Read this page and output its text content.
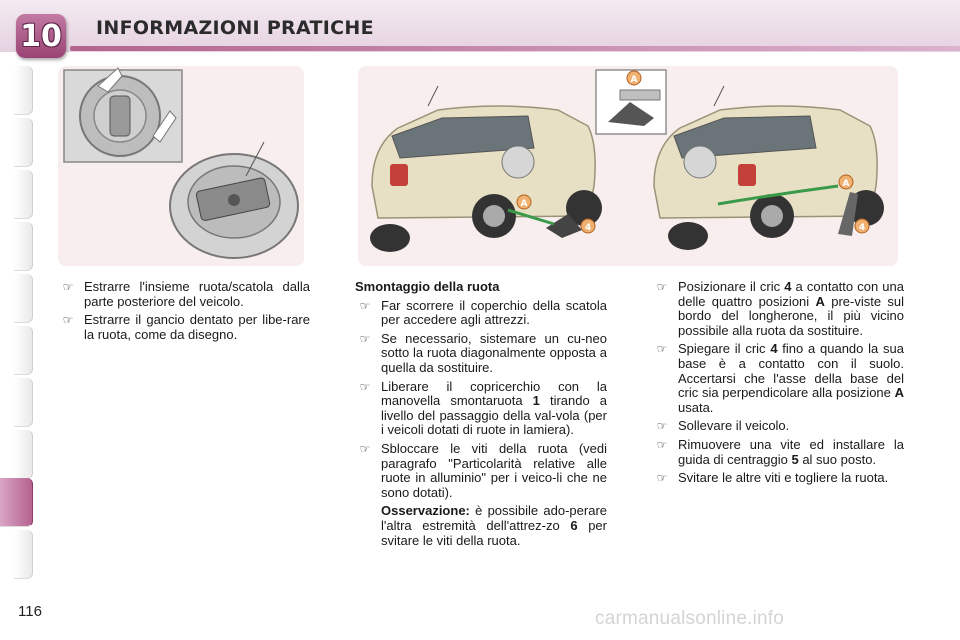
10 INFORMAZIONI PRATICHE
A
4
A
4
A

☞ Estrarre l'insieme ruota/scatola dalla parte posteriore del veicolo.

☞ Estrarre il gancio dentato per libe-rare la ruota, come da disegno.

Smontaggio della ruota

☞ Far scorrere il coperchio della scatola per accedere agli attrezzi.

☞ Se necessario, sistemare un cu-neo sotto la ruota diagonalmente opposta a quella da sostituire.

☞ Liberare il copricerchio con la manovella smontaruota 1 tirando a livello del passaggio della val-vola (per i veicoli dotati di ruote in lamiera).

☞ Sbloccare le viti della ruota (vedi paragrafo "Particolarità relative alle ruote in alluminio" per i veico-li che ne sono dotati).

Osservazione: è possibile ado-perare l'altra estremità dell'attrez-zo 6 per svitare le viti della ruota.

☞ Posizionare il cric 4 a contatto con una delle quattro posizioni A pre-viste sul bordo del longherone, il più vicino possibile alla ruota da sostituire.

☞ Spiegare il cric 4 fino a quando la sua base è a contatto con il suolo. Accertarsi che l'asse della base del cric sia perpendicolare alla posizione A usata.

☞ Sollevare il veicolo.

☞ Rimuovere una vite ed installare la guida di centraggio 5 al suo posto.

☞ Svitare le altre viti e togliere la ruota.

116	carmanualsonline.info
